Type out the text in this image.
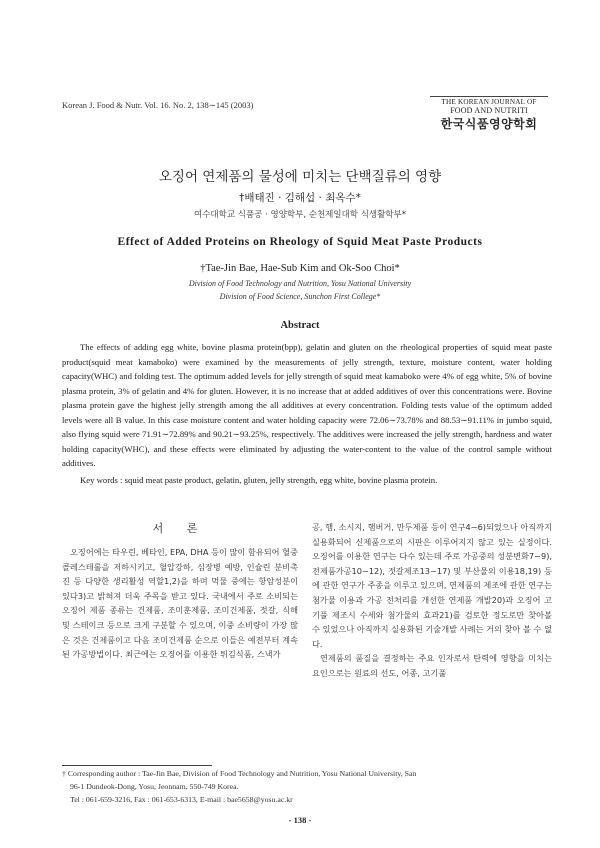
Korean J. Food & Nutr. Vol. 16. No. 2, 138∼145 (2003)	THE KOREAN JOURNAL OF
FOOD AND NUTRITI
한국식품영양학회
오징어 연제품의 물성에 미치는 단백질류의 영향
†배태진 · 김해섭 · 최옥수*
여수대학교 식품공 · 영양학부, 순천제일대학 식생활학부*
Effect of Added Proteins on Rheology of Squid Meat Paste Products
†Tae-Jin Bae, Hae-Sub Kim and Ok-Soo Choi*
Division of Food Technology and Nutrition, Yosu National University
Division of Food Science, Sunchon First College*
Abstract
The effects of adding egg white, bovine plasma protein(bpp), gelatin and gluten on the rheological properties of squid meat paste product(squid meat kamaboko) were examined by the measurements of jelly strength, texture, moisture content, water holding capacity(WHC) and folding test. The optimum added levels for jelly strength of squid meat kamaboko were 4% of egg white, 5% of bovine plasma protein, 3% of gelatin and 4% for gluten. However, it is no increase that at added additives of over this concentrations were. Bovine plasma protein gave the highest jelly strength among the all additives at every concentration. Folding tests value of the optimum added levels were all B value. In this case moisture content and water holding capacity were 72.06∼73.78% and 88.53∼91.11% in jumbo squid, also flying squid were 71.91∼72.89% and 90.21∼93.25%, respectively. The additives were increased the jelly strength, hardness and water holding capacity(WHC), and these effects were eliminated by adjusting the water-content to the value of the control sample without additives.
Key words : squid meat paste product, gelatin, gluten, jelly strength, egg white, bovine plasma protein.
서 론

오징어에는 타우린, 베타인, EPA, DHA 등이 많이 함유되어 혈중 콜레스테롤을 저하시키고, 혈압강하, 심장병 예방, 인슐린 분비촉진 등 다양한 생리활성 역할1,2)을 하며 먹물 중에는 항암성분이 있다3)고 밝혀져 더욱 주목을 받고 있다. 국내에서 주로 소비되는 오징어 제품 종류는 건제품, 조미훈제품, 조미건제품, 젓갈, 식해 및 스테이크 등으로 크게 구분할 수 있으며, 이중 소비량이 가장 많은 것은 건제품이고 다음 조미건제품 순으로 이들은 예전부터 계속된 가공방법이다. 최근에는 오징어를 이용한 튀김식품, 스낵가

공, 햄, 소시지, 햄버거, 만두제품 등이 연구4∼6)되었으나 아직까지 실용화되어 신제품으로의 시판은 이루어지지 않고 있는 실정이다. 오징어를 이용한 연구는 다수 있는데 주로 가공중의 성분변화7∼9), 전제품가공10∼12), 젓갈제조13∼17) 및 부산물의 이용18,19) 등에 관한 연구가 주종을 이루고 있으며, 연제품의 제조에 관한 연구는 첨가물 이용과 가공 전처리를 개선한 연제품 개발20)과 오징어 고기풀 제조시 수세와 첨가물의 효과21)를 검토한 정도로만 찾아볼 수 있었으나 아직까지 실용화된 기술개발 사례는 거의 찾아 볼 수 없다.

연제품의 품질을 결정하는 주요 인자로서 탄력에 영향을 미치는 요인으로는 원료의 선도, 어종, 고기풀

† Corresponding author : Tae-Jin Bae, Division of Food Technology and Nutrition, Yosu National University, San
96-1 Dundeok-Dong, Yosu, Jeonnam, 550-749 Korea.
Tel : 061-659-3216, Fax : 061-653-6313, E-mail : bae5658@yosu.ac.kr
- 138 -
